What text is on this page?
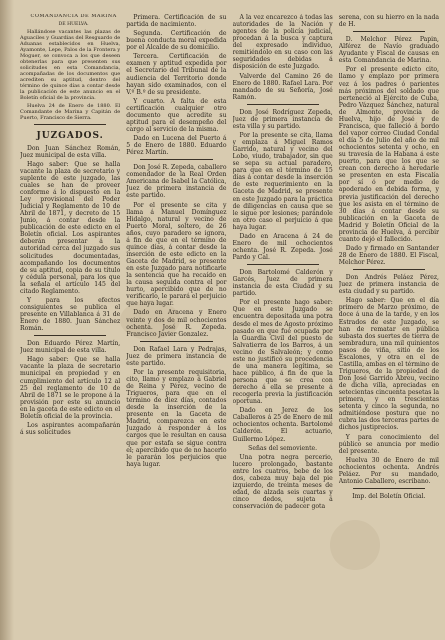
COMANDANCIA DE MARINA

DE HUELVA.

Hallándose vacantes las plazas de Aguaciles y Guardias del Resguardo de Aduanas establecidos en Huelva, Ayamonte, Lepe, Palos de la Frontera y Moguer, se convoca a los que deseen obtenerlas para que presenten sus solicitudes en esta Comandancia, acompañadas de los documentos que acrediten su aptitud, dentro del término de quince días a contar desde la publicación de este anuncio en el Boletín oficial de la provincia.

Huelva 24 de Enero de 1880. El Comandante de Marina y Capitán de Puerto, Francisco de Sierra.

JUZGADOS.

Don Juan Sánchez Román, Juez municipal de esta villa.

Hago saber: Que se halla vacante la plaza de secretario y suplente de este juzgado, las cuales se han de proveer conforme á lo dispuesto en la Ley provisional del Poder Judicial y Reglamento de 10 de Abril de 1871, y decreto de 15 Junio, á contar desde la publicación de este edicto en el Boletín oficial. Los aspirantes deberán presentar á la autoridad cerca del juzgado sus solicitudes documentadas, acompañando los documentos de su aptitud, copia de su título y cédula personal, para los que la señala el artículo 145 del citado Reglamento.

Y para los efectos consiguientes se publica el presente en Villablanca á 31 de Enero de 1880. Juan Sánchez Román.

Don Eduardo Pérez Martín, Juez municipal de esta villa.

Hago saber: Que se halla vacante la plaza de secretario municipal en propiedad y en cumplimiento del artículo 12 al 25 del reglamento de 10 de Abril de 1871 se le propone á la provisión por este su anuncio en la gaceta de este edicto en el Boletín oficial de la provincia.

Los aspirantes acompañarán á sus solicitudes

Primera. Certificación de su partida de nacimiento.

Segunda. Certificación de buena conducta moral expedida por el Alcalde de su domicilio.

Tercera. Certificación de examen y aptitud expedida por el Secretario del Tribunal de la audiencia del Territorio donde hayan sido examinados, con el V.º B.º de su presidente.

Y cuarto. A falta de esta certificación cualquier otro documento que acredite su aptitud para el desempeño del cargo al servicio de la misma.

Dado en Lucena del Puerto á 5 de Enero de 1880. Eduardo Pérez Martín.

Don José R. Zepeda, caballero comendador de la Real Orden Americana de Isabel la Católica, Juez de primera instancia de este partido.

Por el presente se cita y llama á Manuel Domínguez Hidalgo, natural y vecino de Puerto Moral, soltero, de 26 años, cuyo paradero se ignora, á fin de que en el término de quince días, á contar desde la inserción de este edicto en la Gaceta de Madrid, se presente en este Juzgado para notificarle la sentencia que ha recaído en la causa seguida contra el por hurto, apercibido que de no verificarlo, le parará el perjuicio que haya lugar.

Dado en Aracena y Enero veinte y dos de mil ochocientos ochenta. José R. Zepeda. Francisco Javier Gonzalez.

Don Rafael Lara y Pedrajas, Juez de primera instancia de este partido.

Por la presente requisitoria, cito, llamo y emplazo á Gabriel de Reina y Pérez, vecino de Trigueros, para que en el término de diez días, contados desde la inserción de la presente en la Gaceta de Madrid, comparezca en este Juzgado á responder á los cargos que le resultan en causa que por estafa se sigue contra el; apercibido que de no hacerlo le pararán los perjuicios que haya lugar.

A la vez encarezco á todas las autoridades de la Nación y agentes de la policía judicial, procedan á la busca y captura del expresado individuo, remitiéndolo en su caso con las seguridades debidas á disposición de este Juzgado.

Valverde del Camino 26 de Enero de 1880. Rafael Lara. Por mandado de su Señoría, José Ramón.

Don José Rodríguez Zepeda, Juez de primera instancia de esta villa y su partido.

Por la presente se cita, llama y emplaza á Miguel Ramos Garrido, natural y vecino del Lobo, viudo, trabajador, sin que se sepa su actual paradero, para que en el término de 15 días á contar desde la inserción de este requerimiento en la Gaceta de Madrid, se presente en este Juzgado para la práctica de diligencias en causa que se le sigue por lesiones; parándole en otro caso el perjuicio á que haya lugar.

Dado en Aracena á 24 de Enero de mil ochocientos ochenta. José R. Zepeda. José Pardo y Cal.

Don Bartolomé Calderón y Garcés, Juez de primera instancia de esta Ciudad y su partido.

Por el presente hago saber: Que en este Juzgado se encuentra depositada una potra desde el mes de Agosto próximo pasado en que fué ocupada por la Guardia Civil del puesto de Salvatierra de los Barros, á un vecino de Salvaleón; y como este no justificó su procedencia de una manera legítima, se hace público, á fin de que la persona que se crea con derecho á ella se presente á recogerla previa la justificación oportuna.

Dado en Jerez de los Caballeros á 25 de Enero de mil ochocientos ochenta. Bartolomé Calderón. El actuario, Guillermo López.

Señas del semoviente.

Una potra negra percerio, lucero prolongado, bastante entre los cuatros, bebe de los dos, cabeza muy baja del pie izquierdo, de treinta meses de edad, de alzada seis cuartas y cinco dedos, sujeta á conservación de padecer gota

serena, con su hierro en la nada de H.

D. Melchor Pérez Papin, Alférez de Navío graduado Ayudante y Fiscal de causas en esta Comandancia de Marina.

Por el presente edicto cito, llamo y emplazo por primera vez á los padres ó parientes más próximos del soldado que perteneció al Ejército de Cuba, Pedro Vázquez Sánchez, natural de Almonte, provincia de Huelva, hijo de José y de Francisca, que falleció á bordo del vapor correo Ciudad Condal el día 5 de Julio del año de mil ochocientos setenta y ocho, en su travesía de la Habana á este puerto, para que los que se crean con derecho á heredarle se presenten en esta Fiscalía por sí ó por medio de apoderado en debida forma, y previa justificación del derecho que les asista en el término de 30 días á contar desde su publicación en la Gaceta de Madrid y Boletín Oficial de la provincia de Huelva, á percibir cuanto dejó el fallecido.

Dado y firmado en Santander 28 de Enero de 1880. El Fiscal, Melchor Pérez.

Don Andrés Peláez Pérez, Juez de primera instancia de esta ciudad y su partido.

Hago saber: Que en el día primero de Marzo próximo, de doce á una de la tarde, y en los Estrados de este Juzgado, se han de rematar en pública subasta dos suertes de tierra de sembradura, una mil quinientos pasos de viña, sitio de los Escalones, y otra en el de Castilla, ambas en el término de Trigueros, de la propiedad de Don José Garrido Abreu, vecino de dicha villa, apreciadas en setecientas cincuenta pesetas la primera, y en trescientas setenta y cinco la segunda, no admitiéndose postura que no cubra las dos terceras partes de dichos justiprecios.

Y para conocimiento del público se anuncia por medio del presente.

Huelva 30 de Enero de mil ochocientos ochenta. Andrés Peláez. Por su mandado, Antonio Caballero, escribano.

Imp. del Boletín Oficial.
